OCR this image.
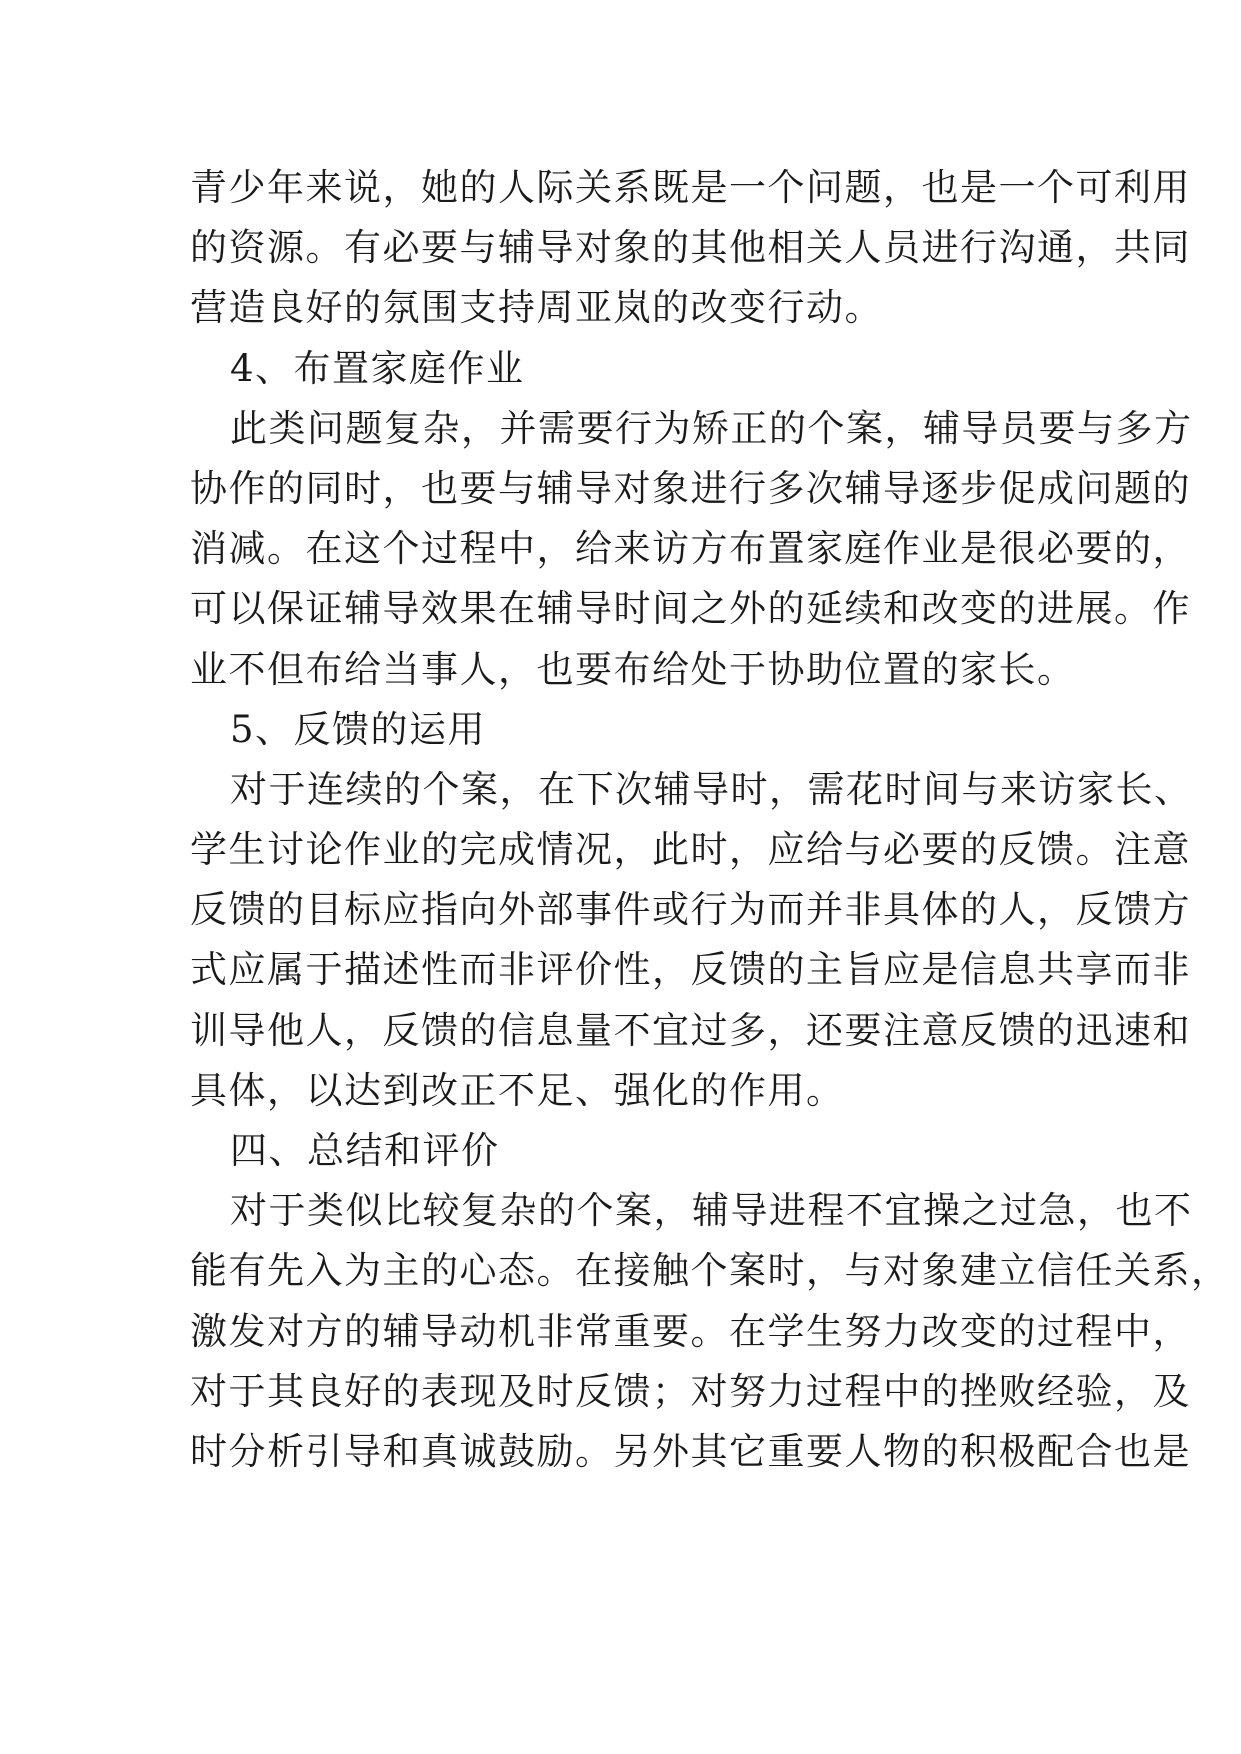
青少年来说，她的人际关系既是一个问题，也是一个可利用
的资源。有必要与辅导对象的其他相关人员进行沟通，共同
营造良好的氛围支持周亚岚的改变行动。
4、布置家庭作业
此类问题复杂，并需要行为矫正的个案，辅导员要与多方
协作的同时，也要与辅导对象进行多次辅导逐步促成问题的
消减。在这个过程中，给来访方布置家庭作业是很必要的，
可以保证辅导效果在辅导时间之外的延续和改变的进展。作
业不但布给当事人，也要布给处于协助位置的家长。
5、反馈的运用
对于连续的个案，在下次辅导时，需花时间与来访家长、
学生讨论作业的完成情况，此时，应给与必要的反馈。注意
反馈的目标应指向外部事件或行为而并非具体的人，反馈方
式应属于描述性而非评价性，反馈的主旨应是信息共享而非
训导他人，反馈的信息量不宜过多，还要注意反馈的迅速和
具体，以达到改正不足、强化的作用。
四、总结和评价
对于类似比较复杂的个案，辅导进程不宜操之过急，也不
能有先入为主的心态。在接触个案时，与对象建立信任关系，
激发对方的辅导动机非常重要。在学生努力改变的过程中，
对于其良好的表现及时反馈；对努力过程中的挫败经验，及
时分析引导和真诚鼓励。另外其它重要人物的积极配合也是
